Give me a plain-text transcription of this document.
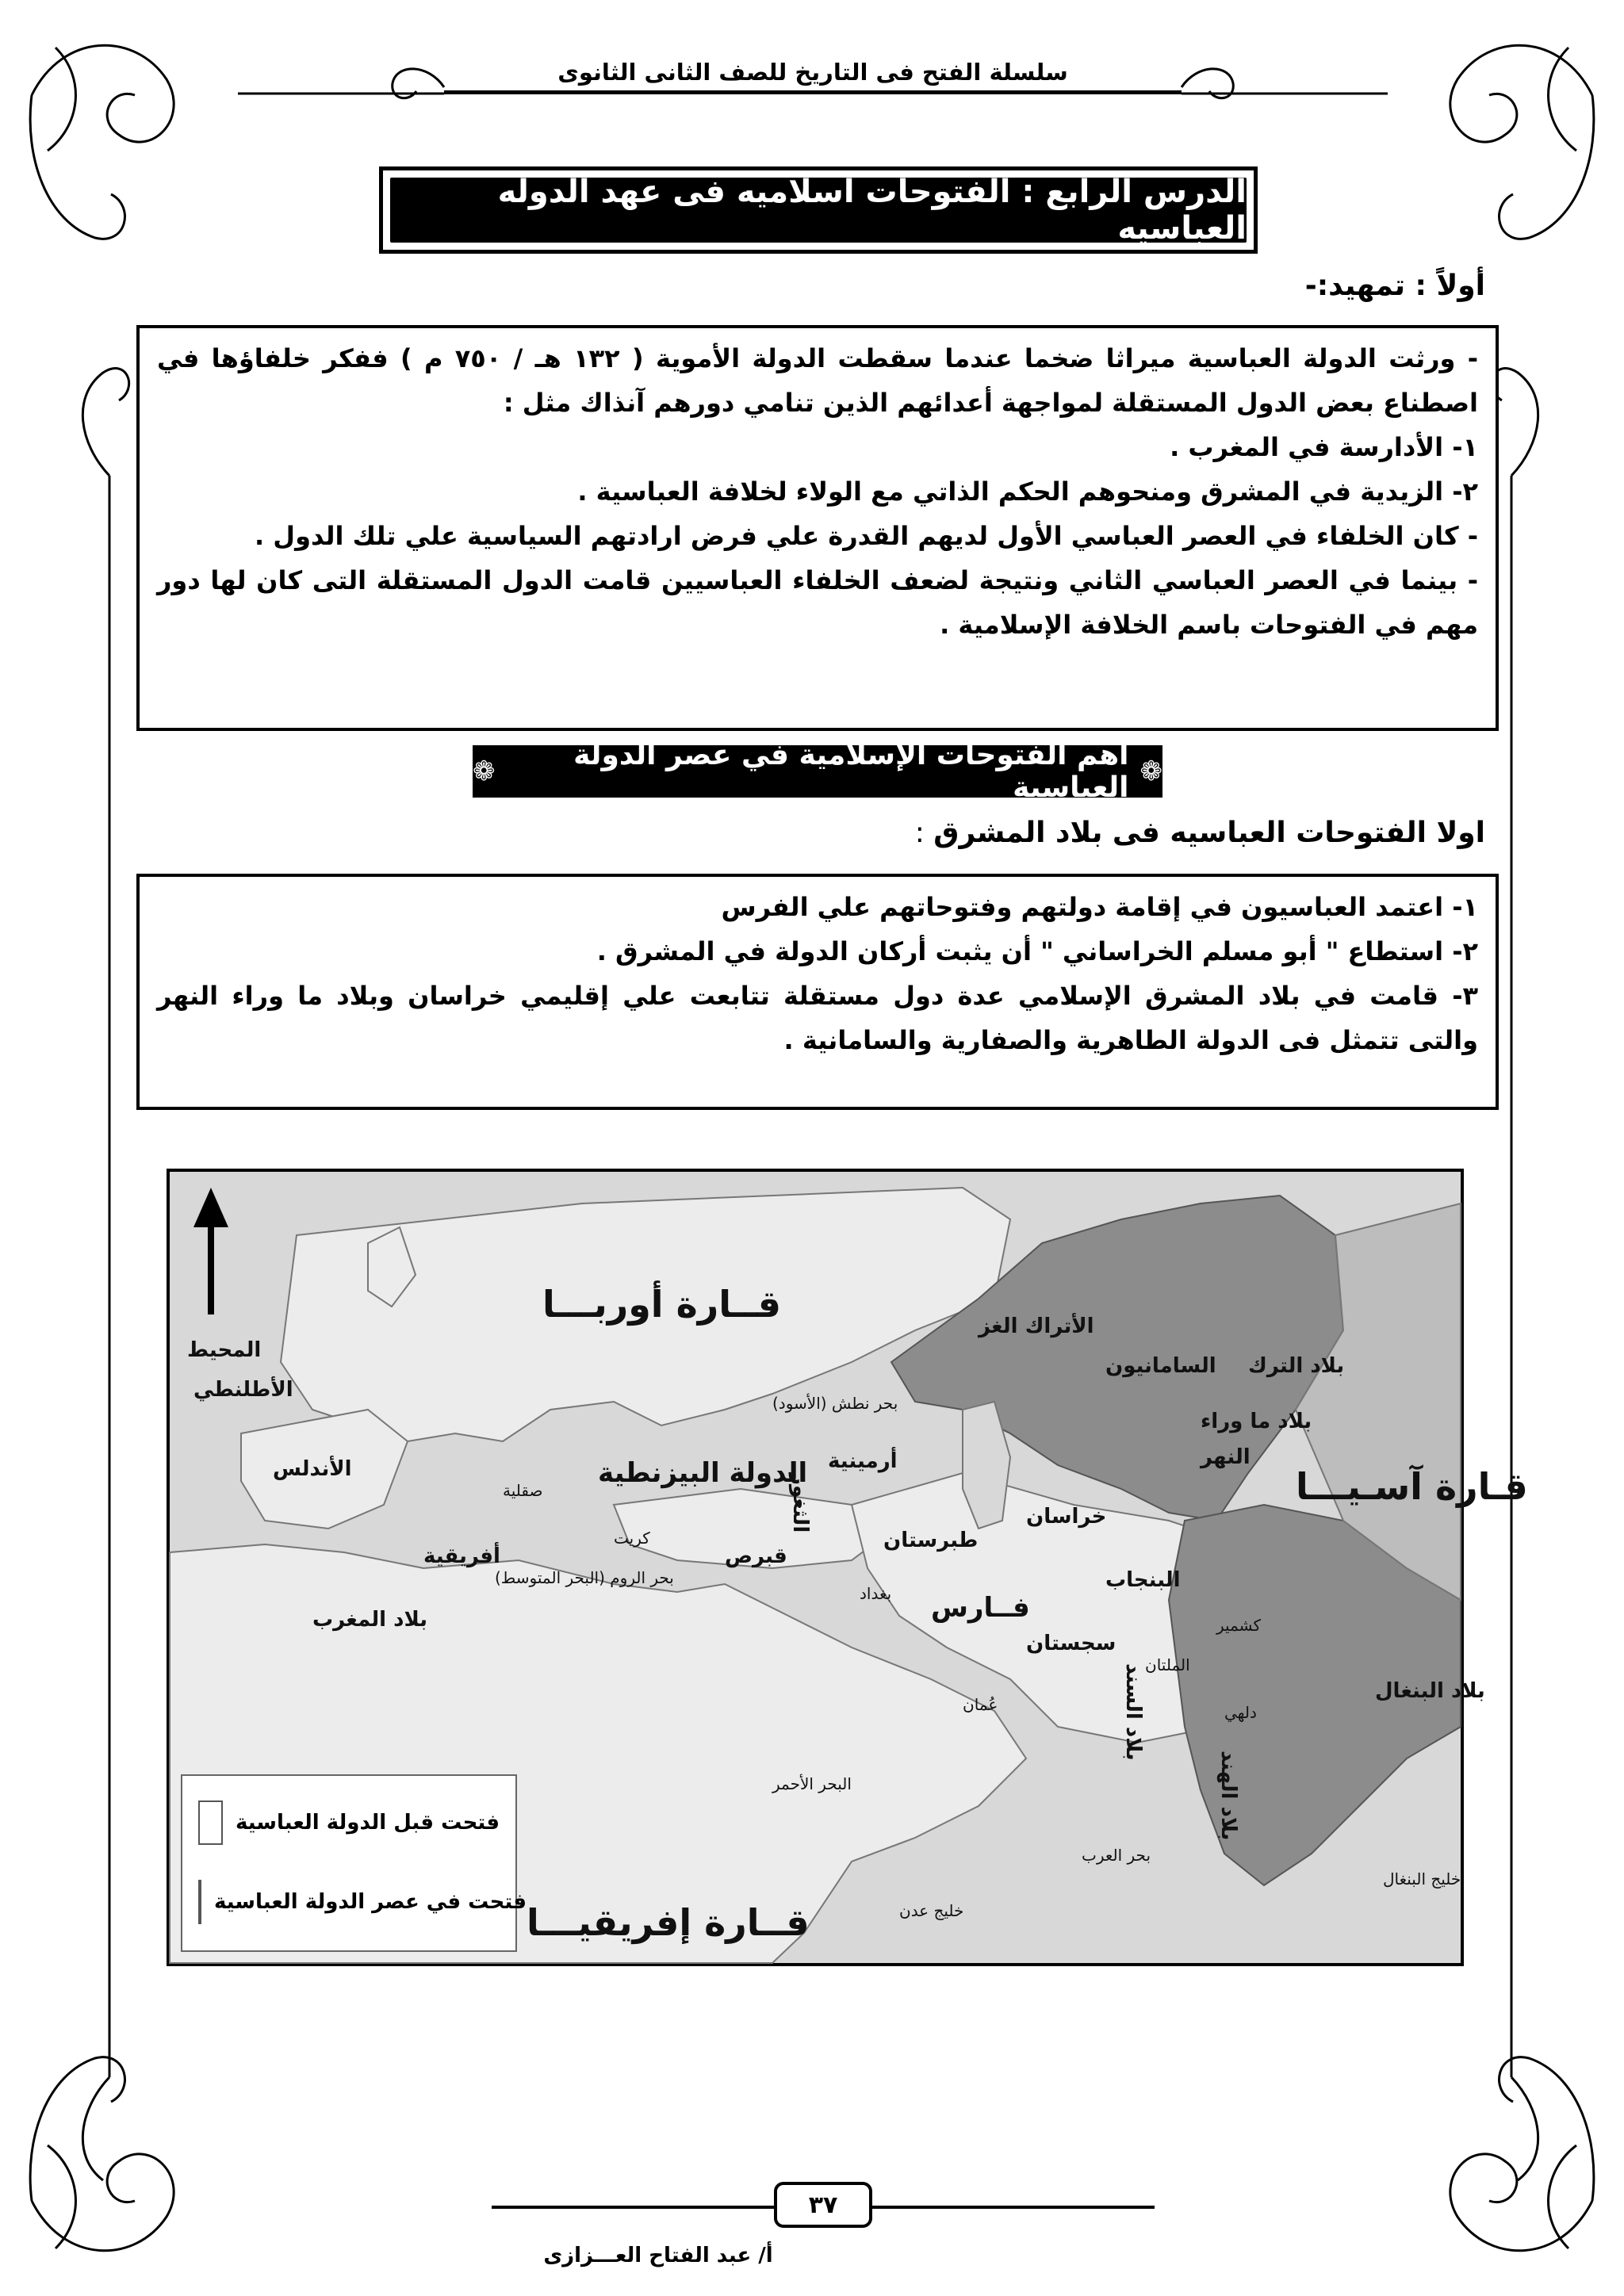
سلسلة الفتح فى التاريخ للصف الثانى الثانوى
الدرس الرابع : الفتوحات اسلاميه فى عهد الدوله العباسيه
أولاً : تمهيد:-
- ورثت الدولة العباسية ميراثا ضخما عندما سقطت الدولة الأموية ( ١٣٢ هـ / ٧٥٠ م ) ففكر خلفاؤها في
اصطناع بعض الدول المستقلة لمواجهة أعدائهم الذين تنامي دورهم آنذاك مثل :
١- الأدارسة في المغرب .
٢- الزيدية في المشرق ومنحوهم الحكم الذاتي مع الولاء لخلافة العباسية .
- كان الخلفاء في العصر العباسي الأول لديهم القدرة علي فرض ارادتهم السياسية علي تلك الدول .
- بينما في العصر العباسي الثاني ونتيجة لضعف الخلفاء العباسيين قامت الدول المستقلة التى كان لها دور
مهم في الفتوحات باسم الخلافة الإسلامية .
❁
أهم الفتوحات الإسلامية في عصر الدولة العباسية
❁
اولا الفتوحات العباسيه فى بلاد المشرق :
١- اعتمد العباسيون في إقامة دولتهم وفتوحاتهم علي الفرس
٢- استطاع " أبو مسلم الخراساني " أن يثبت أركان الدولة في المشرق .
٣- قامت في بلاد المشرق الإسلامي عدة دول مستقلة تتابعت علي إقليمي خراسان وبلاد ما وراء النهر
والتى تتمثل فى الدولة الطاهرية والصفارية والسامانية .
قــارة أوربـــا
قـارة آسـيـــا
قــارة إفريقيـــا
المحيط
الأطلنطي
الأندلس
صقلية
أفريقية
بلاد المغرب
الدولة البيزنطية
كريت
قبرص
بحر نطش (الأسود)
بحر الروم (البحر المتوسط)
أرمينية
الثغور
طبرستان
بغداد فــارس
خراسان
سجستان
عُمان
البحر الأحمر
بحر العرب
خليج عدن
الأتراك الغز
السامانيون بلاد الترك
بلاد ما وراء
النهر
البنجاب
كشمير
الملتان
بلاد السند	دلهي
بلاد الهند
بلاد البنغال
خليج البنغال
فتحت قبل الدولة العباسية
فتحت في عصر الدولة العباسية
٣٧
أ/ عبد الفتاح العـــزازى
